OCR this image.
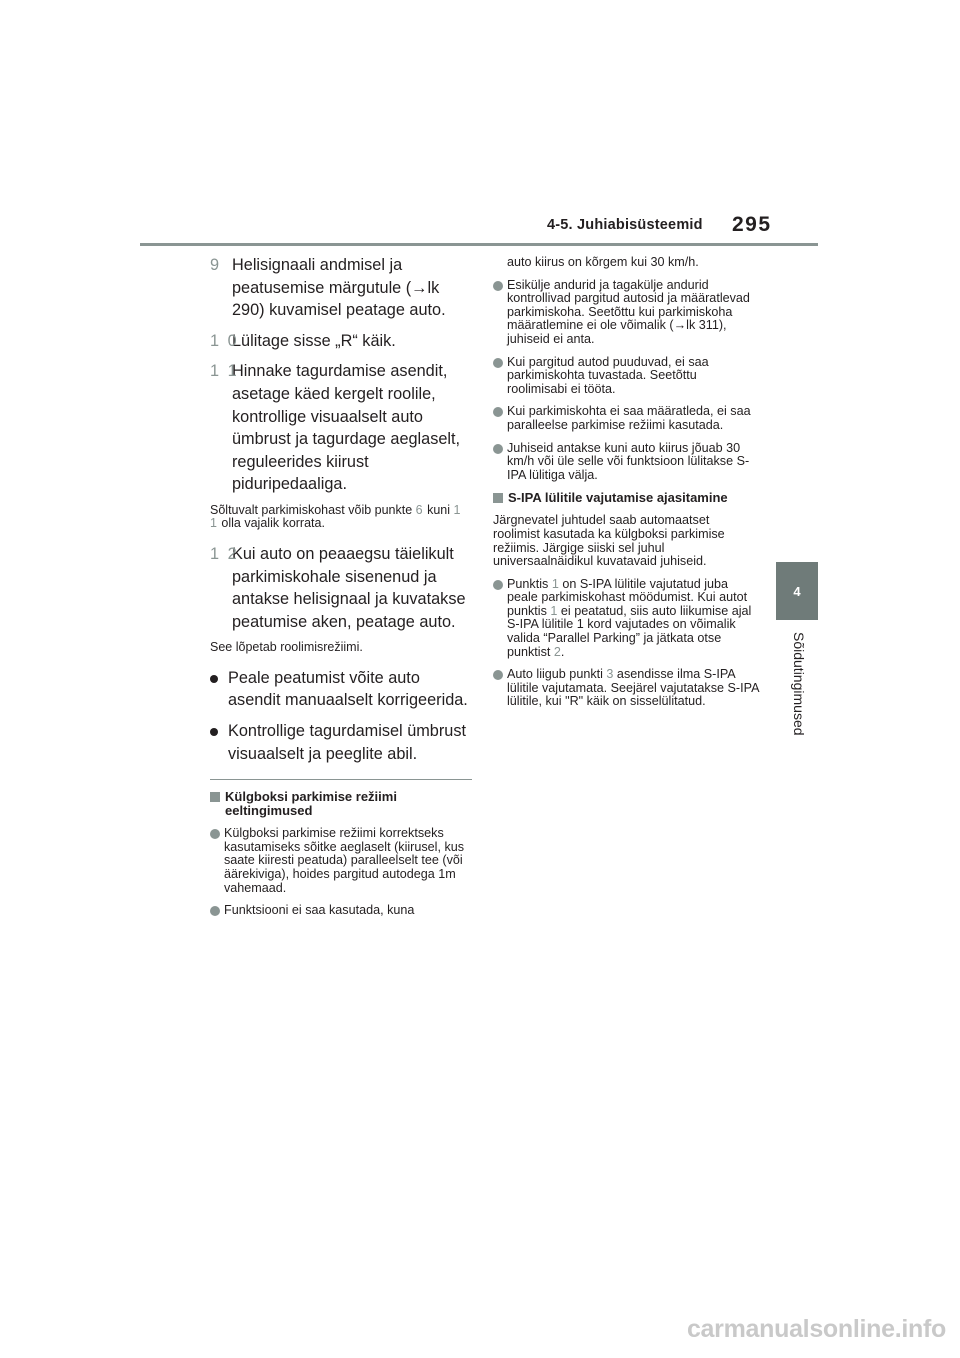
4-5. Juhiabisüsteemid 295
4
Sõidutingimused
9 Helisignaali andmisel ja peatusemise märgutule (→lk 290) kuvamisel peatage auto.
1 0
Lülitage sisse „R“ käik.
1 1
Hinnake tagurdamise asendit, asetage käed kergelt roolile, kontrollige visuaalselt auto ümbrust ja tagurdage aeglaselt, reguleerides kiirust piduripedaaliga.
Sõltuvalt parkimiskohast võib punkte 6 kuni 1 1 olla vajalik korrata.
1 2
Kui auto on peaaegsu täielikult parkimiskohale sisenenud ja antakse helisignaal ja kuvatakse peatumise aken, peatage auto.
See lõpetab roolimisrežiimi.
Peale peatumist võite auto asendit manuaalselt korrigeerida.
Kontrollige tagurdamisel ümbrust visuaalselt ja peeglite abil.
Külgboksi parkimise režiimi eeltingimused
Külgboksi parkimise režiimi korrektseks kasutamiseks sõitke aeglaselt (kiirusel, kus saate kiiresti peatuda) paralleelselt tee (või äärekiviga), hoides pargitud autodega 1m vahemaad.
Funktsiooni ei saa kasutada, kuna
auto kiirus on kõrgem kui 30 km/h.
Esikülje andurid ja tagakülje andurid kontrollivad pargitud autosid ja määratlevad parkimiskoha. Seetõttu kui parkimiskoha määratlemine ei ole võimalik (→lk 311), juhiseid ei anta.
Kui pargitud autod puuduvad, ei saa parkimiskohta tuvastada. Seetõttu roolimisabi ei tööta.
Kui parkimiskohta ei saa määratleda, ei saa paralleelse parkimise režiimi kasutada.
Juhiseid antakse kuni auto kiirus jõuab 30 km/h või üle selle või funktsioon lülitakse S-IPA lülitiga välja.
S-IPA lülitile vajutamise ajasitamine
Järgnevatel juhtudel saab automaatset roolimist kasutada ka külgboksi parkimise režiimis. Järgige siiski sel juhul universaalnäidikul kuvatavaid juhiseid.
Punktis 1 on S-IPA lülitile vajutatud juba peale parkimiskohast möödumist. Kui autot punktis 1 ei peatatud, siis auto liikumise ajal S-IPA lülitile 1 kord vajutades on võimalik valida “Parallel Parking” ja jätkata otse punktist 2.
Auto liigub punkti 3 asendisse ilma S-IPA lülitile vajutamata. Seejärel vajutatakse S-IPA lülitile, kui "R" käik on sisselülitatud.
carmanualsonline.info
